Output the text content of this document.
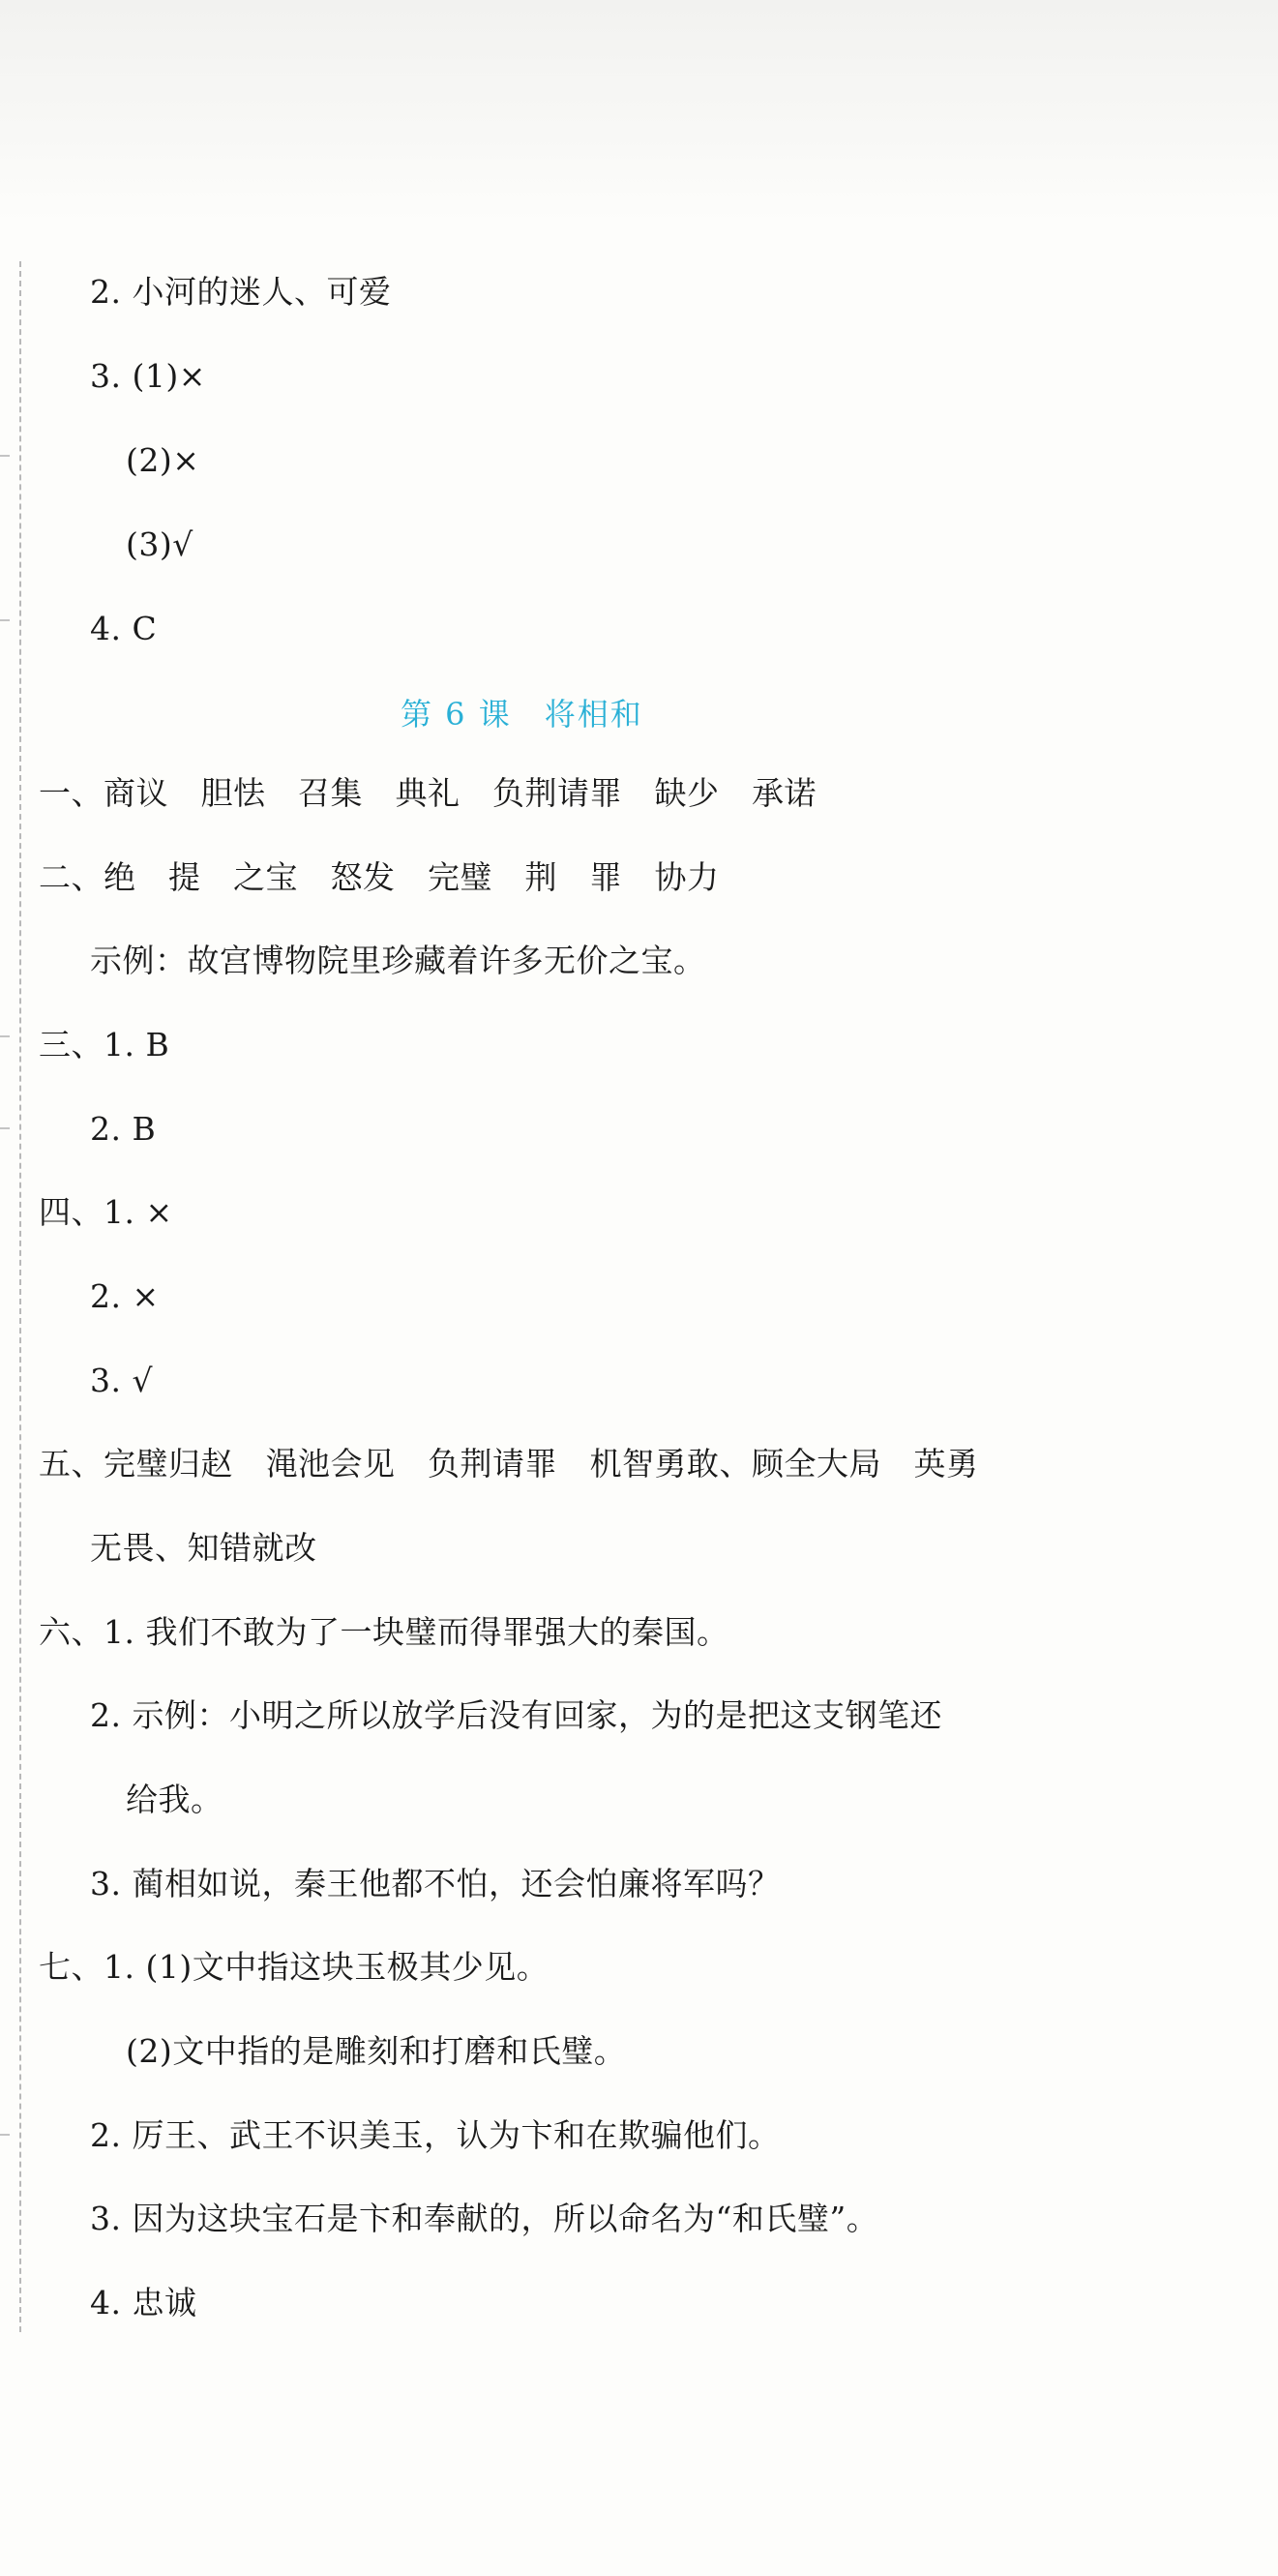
2. 小河的迷人、可爱
3. (1)×
(2)×
(3)√
4. C
第 6 课　 将相和
一、商议　胆怯　召集　典礼　负荆请罪　缺少　承诺
二、绝　提　之宝　怒发　完璧　荆　罪　协力
示例：故宫博物院里珍藏着许多无价之宝。
三、1. B
2. B
四、1. ×
2. ×
3. √
五、完璧归赵　渑池会见　负荆请罪　机智勇敢、顾全大局　英勇
无畏、知错就改
六、1. 我们不敢为了一块璧而得罪强大的秦国。
2. 示例：小明之所以放学后没有回家，为的是把这支钢笔还
给我。
3. 蔺相如说，秦王他都不怕，还会怕廉将军吗？
七、1. (1)文中指这块玉极其少见。
(2)文中指的是雕刻和打磨和氏璧。
2. 厉王、武王不识美玉，认为卞和在欺骗他们。
3. 因为这块宝石是卞和奉献的，所以命名为“和氏璧”。
4. 忠诚
